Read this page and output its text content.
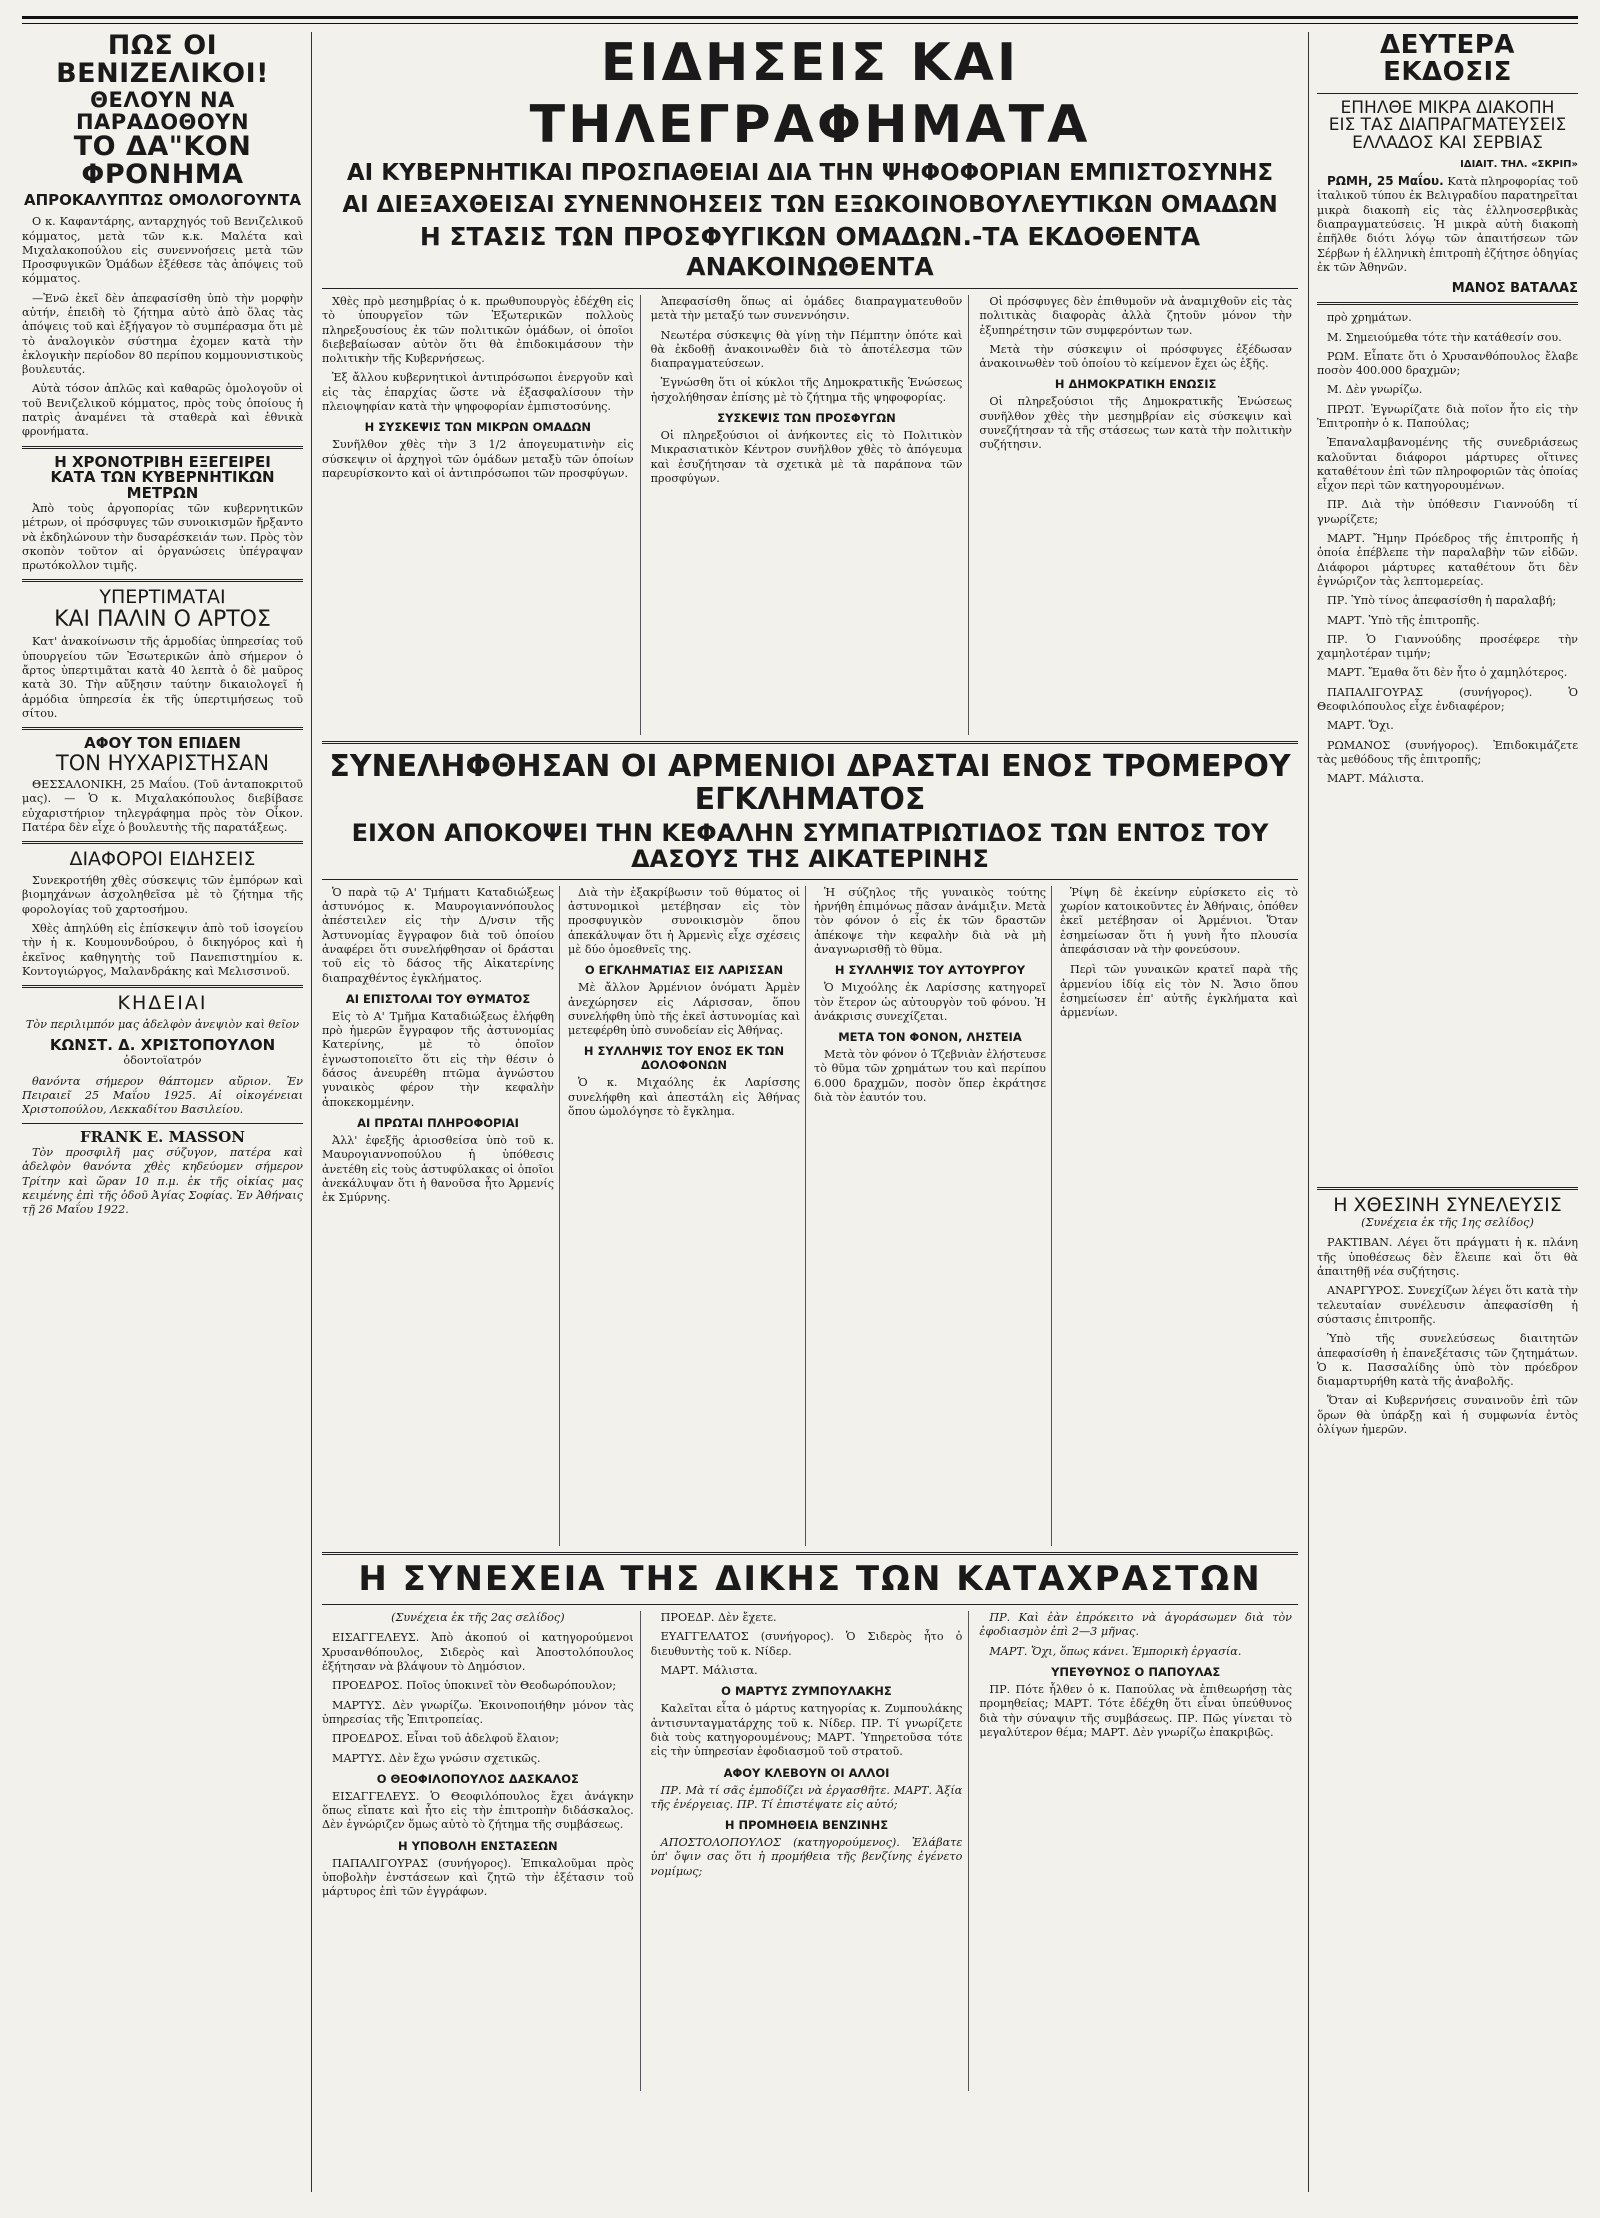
ΠΩΣ ΟΙ ΒΕΝΙΖΕΛΙΚΟΙ!
ΘΕΛΟΥΝ ΝΑ ΠΑΡΑΔΟΘΟΥΝ
ΤΟ ΔΑ"ΚΟΝ ΦΡΟΝΗΜΑ
ΑΠΡΟΚΑΛΥΠΤΩΣ ΟΜΟΛΟΓΟΥΝΤΑ

Ο κ. Καφαντάρης, ανταρχηγός τοῦ Βενιζελικοῦ κόμματος, μετὰ τῶν κ.κ. Μαλέτα καὶ Μιχαλακοπούλου εἰς συνεννοήσεις μετὰ τῶν Προσφυγικῶν Ὁμάδων ἐξέθεσε τὰς ἀπόψεις τοῦ κόμματος.

—Ἐνῶ ἐκεῖ δὲν ἀπεφασίσθη ὑπὸ τὴν μορφὴν αὐτήν, ἐπειδὴ τὸ ζήτημα αὐτὸ ἀπὸ ὅλας τὰς ἀπόψεις τοῦ καὶ ἐξήγαγον τὸ συμπέρασμα ὅτι μὲ τὸ ἀναλογικὸν σύστημα ἐχομεν κατὰ τὴν ἐκλογικὴν περίοδον 80 περίπου κομμουνιστικοὺς βουλευτάς.

Αὐτὰ τόσον ἀπλῶς καὶ καθαρῶς ὁμολογοῦν οἱ τοῦ Βενιζελικοῦ κόμματος, πρὸς τοὺς ὁποίους ἡ πατρὶς ἀναμένει τὰ σταθερὰ καὶ ἐθνικὰ φρονήματα.

Η ΧΡΟΝΟΤΡΙΒΗ ΕΞΕΓΕΙΡΕΙ
ΚΑΤΑ ΤΩΝ ΚΥΒΕΡΝΗΤΙΚΩΝ ΜΕΤΡΩΝ

Ἀπὸ τοὺς ἀργοπορίας τῶν κυβερνητικῶν μέτρων, οἱ πρόσφυγες τῶν συνοικισμῶν ἤρξαντο νὰ ἐκδηλώνουν τὴν δυσαρέσκειάν των. Πρὸς τὸν σκοπὸν τοῦτον αἱ ὀργανώσεις ὑπέγραψαν πρωτόκολλον τιμῆς.

ΥΠΕΡΤΙΜΑΤΑΙ
ΚΑΙ ΠΑΛΙΝ Ο ΑΡΤΟΣ

Κατ' ἀνακοίνωσιν τῆς ἁρμοδίας ὑπηρεσίας τοῦ ὑπουργείου τῶν Ἐσωτερικῶν ἀπὸ σήμερον ὁ ἄρτος ὑπερτιμᾶται κατὰ 40 λεπτὰ ὁ δὲ μαῦρος κατὰ 30. Τὴν αὔξησιν ταύτην δικαιολογεῖ ἡ ἁρμόδια ὑπηρεσία ἐκ τῆς ὑπερτιμήσεως τοῦ σίτου.

ΑΦΟΥ ΤΟΝ ΕΠΙΔΕΝ
ΤΟΝ ΗΥΧΑΡΙΣΤΗΣΑΝ

ΘΕΣΣΑΛΟΝΙΚΗ, 25 Μαΐου. (Τοῦ ἀνταποκριτοῦ μας). — Ὁ κ. Μιχαλακόπουλος διεβίβασε εὐχαριστήριον τηλεγράφημα πρὸς τὸν Οἶκον. Πατέρα δὲν εἶχε ὁ βουλευτὴς τῆς παρατάξεως.

ΔΙΑΦΟΡΟΙ ΕΙΔΗΣΕΙΣ

Συνεκροτήθη χθὲς σύσκεψις τῶν ἐμπόρων καὶ βιομηχάνων ἀσχοληθεῖσα μὲ τὸ ζήτημα τῆς φορολογίας τοῦ χαρτοσήμου.

Χθὲς ἀπηλύθη εἰς ἐπίσκεψιν ἀπὸ τοῦ ἰσογείου τὴν ἡ κ. Κουμουνδούρου, ὁ δικηγόρος καὶ ἡ ἐκεῖνος καθηγητὴς τοῦ Πανεπιστημίου κ. Κοντογιώργος, Μαλανδράκης καὶ Μελισσινοῦ.

ΚΗΔΕΙΑΙ
Τὸν περιλιμπόν μας ἀδελφὸν ἀνεψιὸν καὶ θεῖον
ΚΩΝΣΤ. Δ. ΧΡΙΣΤΟΠΟΥΛΟΝ
ὀδοντοϊατρόν

θανόντα σήμερον θάπτομεν αὔριον. Ἐν Πειραιεῖ 25 Μαΐου 1925. Αἱ οἰκογένειαι Χριστοπούλου, Λεκκαδίτου Βασιλείου.

FRANK E. MASSON

Τὸν προσφιλῆ μας σύζυγον, πατέρα καὶ ἀδελφὸν θανόντα χθὲς κηδεύομεν σήμερον Τρίτην καὶ ὥραν 10 π.μ. ἐκ τῆς οἰκίας μας κειμένης ἐπὶ τῆς ὁδοῦ Ἀγίας Σοφίας. Ἐν Ἀθήναις τῇ 26 Μαΐου 1922.

ΕΙΔΗΣΕΙΣ ΚΑΙ ΤΗΛΕΓΡΑΦΗΜΑΤΑ
ΑΙ ΚΥΒΕΡΝΗΤΙΚΑΙ ΠΡΟΣΠΑΘΕΙΑΙ ΔΙΑ ΤΗΝ ΨΗΦΟΦΟΡΙΑΝ ΕΜΠΙΣΤΟΣΥΝΗΣ
ΑΙ ΔΙΕΞΑΧΘΕΙΣΑΙ ΣΥΝΕΝΝΟΗΣΕΙΣ ΤΩΝ ΕΞΩΚΟΙΝΟΒΟΥΛΕΥΤΙΚΩΝ ΟΜΑΔΩΝ
Η ΣΤΑΣΙΣ ΤΩΝ ΠΡΟΣΦΥΓΙΚΩΝ ΟΜΑΔΩΝ.-ΤΑ ΕΚΔΟΘΕΝΤΑ ΑΝΑΚΟΙΝΩΘΕΝΤΑ

Χθὲς πρὸ μεσημβρίας ὁ κ. πρωθυπουργὸς ἐδέχθη εἰς τὸ ὑπουργεῖον τῶν Ἐξωτερικῶν πολλοὺς πληρεξουσίους ἐκ τῶν πολιτικῶν ὁμάδων, οἱ ὁποῖοι διεβεβαίωσαν αὐτὸν ὅτι θὰ ἐπιδοκιμάσουν τὴν πολιτικὴν τῆς Κυβερνήσεως.

Ἐξ ἄλλου κυβερνητικοὶ ἀντιπρόσωποι ἐνεργοῦν καὶ εἰς τὰς ἐπαρχίας ὥστε νὰ ἐξασφαλίσουν τὴν πλειοψηφίαν κατὰ τὴν ψηφοφορίαν ἐμπιστοσύνης.

Η ΣΥΣΚΕΨΙΣ ΤΩΝ ΜΙΚΡΩΝ ΟΜΑΔΩΝ

Συνῆλθον χθὲς τὴν 3 1/2 ἀπογευματινὴν εἰς σύσκεψιν οἱ ἀρχηγοὶ τῶν ὁμάδων μεταξὺ τῶν ὁποίων παρευρίσκοντο καὶ οἱ ἀντιπρόσωποι τῶν προσφύγων.

Ἀπεφασίσθη ὅπως αἱ ὁμάδες διαπραγματευθοῦν μετὰ τὴν μεταξύ των συνεννόησιν.

Νεωτέρα σύσκεψις θὰ γίνῃ τὴν Πέμπτην ὁπότε καὶ θὰ ἐκδοθῇ ἀνακοινωθὲν διὰ τὸ ἀποτέλεσμα τῶν διαπραγματεύσεων.

Ἐγνώσθη ὅτι οἱ κύκλοι τῆς Δημοκρατικῆς Ἑνώσεως ἠσχολήθησαν ἐπίσης μὲ τὸ ζήτημα τῆς ψηφοφορίας.

ΣΥΣΚΕΨΙΣ ΤΩΝ ΠΡΟΣΦΥΓΩΝ

Οἱ πληρεξούσιοι οἱ ἀνήκοντες εἰς τὸ Πολιτικὸν Μικρασιατικὸν Κέντρον συνῆλθον χθὲς τὸ ἀπόγευμα καὶ ἐσυζήτησαν τὰ σχετικὰ μὲ τὰ παράπονα τῶν προσφύγων.

Οἱ πρόσφυγες δὲν ἐπιθυμοῦν νὰ ἀναμιχθοῦν εἰς τὰς πολιτικὰς διαφορὰς ἀλλὰ ζητοῦν μόνον τὴν ἐξυπηρέτησιν τῶν συμφερόντων των.

Μετὰ τὴν σύσκεψιν οἱ πρόσφυγες ἐξέδωσαν ἀνακοινωθὲν τοῦ ὁποίου τὸ κείμενον ἔχει ὡς ἑξῆς.

Η ΔΗΜΟΚΡΑΤΙΚΗ ΕΝΩΣΙΣ

Οἱ πληρεξούσιοι τῆς Δημοκρατικῆς Ἑνώσεως συνῆλθον χθὲς τὴν μεσημβρίαν εἰς σύσκεψιν καὶ συνεζήτησαν τὰ τῆς στάσεως των κατὰ τὴν πολιτικὴν συζήτησιν.

ΣΥΝΕΛΗΦΘΗΣΑΝ ΟΙ ΑΡΜΕΝΙΟΙ ΔΡΑΣΤΑΙ ΕΝΟΣ ΤΡΟΜΕΡΟΥ ΕΓΚΛΗΜΑΤΟΣ
ΕΙΧΟΝ ΑΠΟΚΟΨΕΙ ΤΗΝ ΚΕΦΑΛΗΝ ΣΥΜΠΑΤΡΙΩΤΙΔΟΣ ΤΩΝ ΕΝΤΟΣ ΤΟΥ ΔΑΣΟΥΣ ΤΗΣ ΑΙΚΑΤΕΡΙΝΗΣ

Ὁ παρὰ τῷ Α' Τμήματι Καταδιώξεως ἀστυνόμος κ. Μαυρογιαννόπουλος ἀπέστειλεν εἰς τὴν Δ/νσιν τῆς Ἀστυνομίας ἔγγραφον διὰ τοῦ ὁποίου ἀναφέρει ὅτι συνελήφθησαν οἱ δράσται τοῦ εἰς τὸ δάσος τῆς Αἰκατερίνης διαπραχθέντος ἐγκλήματος.

ΑΙ ΕΠΙΣΤΟΛΑΙ ΤΟΥ ΘΥΜΑΤΟΣ

Εἰς τὸ Α' Τμῆμα Καταδιώξεως ἐλήφθη πρὸ ἡμερῶν ἔγγραφον τῆς ἀστυνομίας Κατερίνης, μὲ τὸ ὁποῖον ἐγνωστοποιεῖτο ὅτι εἰς τὴν θέσιν ὁ δάσος ἀνευρέθη πτῶμα ἀγνώστου γυναικὸς φέρον τὴν κεφαλὴν ἀποκεκομμένην.

ΑΙ ΠΡΩΤΑΙ ΠΛΗΡΟΦΟΡΙΑΙ

Ἀλλ' ἐφεξῆς ἀριοσθείσα ὑπὸ τοῦ κ. Μαυρογιαννοπούλου ἡ ὑπόθεσις ἀνετέθη εἰς τοὺς ἀστυφύλακας οἱ ὁποῖοι ἀνεκάλυψαν ὅτι ἡ θανοῦσα ἦτο Ἀρμενίς ἐκ Σμύρνης.

Διὰ τὴν ἐξακρίβωσιν τοῦ θύματος οἱ ἀστυνομικοὶ μετέβησαν εἰς τὸν προσφυγικὸν συνοικισμὸν ὅπου ἀπεκάλυψαν ὅτι ἡ Ἀρμενὶς εἶχε σχέσεις μὲ δύο ὁμοεθνεῖς της.

Ο ΕΓΚΛΗΜΑΤΙΑΣ ΕΙΣ ΛΑΡΙΣΣΑΝ

Μὲ ἄλλον Ἀρμένιον ὀνόματι Ἀρμὲν ἀνεχώρησεν εἰς Λάρισσαν, ὅπου συνελήφθη ὑπὸ τῆς ἐκεῖ ἀστυνομίας καὶ μετεφέρθη ὑπὸ συνοδείαν εἰς Ἀθήνας.

Η ΣΥΛΛΗΨΙΣ ΤΟΥ ΕΝΟΣ ΕΚ ΤΩΝ ΔΟΛΟΦΟΝΩΝ

Ὁ κ. Μιχαόλης ἐκ Λαρίσσης συνελήφθη καὶ ἀπεστάλη εἰς Ἀθήνας ὅπου ὡμολόγησε τὸ ἔγκλημα.

Ἡ σύζηλος τῆς γυναικὸς τούτης ἠρνήθη ἐπιμόνως πᾶσαν ἀνάμιξιν. Μετὰ τὸν φόνον ὁ εἷς ἐκ τῶν δραστῶν ἀπέκοψε τὴν κεφαλὴν διὰ νὰ μὴ ἀναγνωρισθῇ τὸ θῦμα.

Η ΣΥΛΛΗΨΙΣ ΤΟΥ ΑΥΤΟΥΡΓΟΥ

Ὁ Μιχοόλης ἐκ Λαρίσσης κατηγορεῖ τὸν ἕτερον ὡς αὐτουργὸν τοῦ φόνου. Ἡ ἀνάκρισις συνεχίζεται.

ΜΕΤΑ ΤΟΝ ΦΟΝΟΝ, ΛΗΣΤΕΙΑ

Μετὰ τὸν φόνον ὁ Τζεβνιὰν ἐλήστευσε τὸ θῦμα τῶν χρημάτων του καὶ περίπου 6.000 δραχμῶν, ποσὸν ὅπερ ἐκράτησε διὰ τὸν ἑαυτόν του.

Ῥίψη δὲ ἐκείνην εὑρίσκετο εἰς τὸ χωρίον κατοικοῦντες ἐν Ἀθήναις, ὁπόθεν ἐκεῖ μετέβησαν οἱ Ἀρμένιοι. Ὅταν ἐσημείωσαν ὅτι ἡ γυνὴ ἦτο πλουσία ἀπεφάσισαν νὰ τὴν φονεύσουν.

Περὶ τῶν γυναικῶν κρατεῖ παρὰ τῆς ἀρμενίου ἰδίᾳ εἰς τὸν Ν. Ἄσιο ὅπου ἐσημείωσεν ἐπ' αὐτῆς ἐγκλήματα καὶ ἀρμενίων.

Η ΣΥΝΕΧΕΙΑ ΤΗΣ ΔΙΚΗΣ ΤΩΝ ΚΑΤΑΧΡΑΣΤΩΝ
(Συνέχεια ἐκ τῆς 2ας σελίδος)

ΕΙΣΑΓΓΕΛΕΥΣ. Ἀπὸ ἀκοπού οἱ κατηγορούμενοι Χρυσανθόπουλος, Σιδερὸς καὶ Ἀποστολόπουλος ἐξήτησαν νὰ βλάψουν τὸ Δημόσιον.

ΠΡΟΕΔΡΟΣ. Ποῖος ὑποκινεῖ τὸν Θεοδωρόπουλον;

ΜΑΡΤΥΣ. Δὲν γνωρίζω. Ἐκοινοποιήθην μόνον τὰς ὑπηρεσίας τῆς Ἐπιτροπείας.

ΠΡΟΕΔΡΟΣ. Εἶναι τοῦ ἀδελφοῦ ἔλαιον;

ΜΑΡΤΥΣ. Δὲν ἔχω γνώσιν σχετικῶς.

Ο ΘΕΟΦΙΛΟΠΟΥΛΟΣ ΔΑΣΚΑΛΟΣ

ΕΙΣΑΓΓΕΛΕΥΣ. Ὁ Θεοφιλόπουλος ἔχει ἀνάγκην ὅπως εἴπατε καὶ ἦτο εἰς τὴν ἐπιτροπὴν διδάσκαλος. Δὲν ἐγνώριζεν ὅμως αὐτὸ τὸ ζήτημα τῆς συμβάσεως.

Η ΥΠΟΒΟΛΗ ΕΝΣΤΑΣΕΩΝ

ΠΑΠΑΛΙΓΟΥΡΑΣ (συνήγορος). Ἐπικαλοῦμαι πρὸς ὑποβολὴν ἐνστάσεων καὶ ζητῶ τὴν ἐξέτασιν τοῦ μάρτυρος ἐπὶ τῶν ἐγγράφων.

ΠΡΟΕΔΡ. Δὲν ἔχετε.

ΕΥΑΓΓΕΛΑΤΟΣ (συνήγορος). Ὁ Σιδερὸς ἦτο ὁ διευθυντὴς τοῦ κ. Νίδερ.

ΜΑΡΤ. Μάλιστα.

Ο ΜΑΡΤΥΣ ΖΥΜΠΟΥΛΑΚΗΣ

Καλεῖται εἶτα ὁ μάρτυς κατηγορίας κ. Ζυμπουλάκης ἀντισυνταγματάρχης τοῦ κ. Νίδερ. ΠΡ. Τί γνωρίζετε διὰ τοὺς κατηγορουμένους; ΜΑΡΤ. Ὑπηρετοῦσα τότε εἰς τὴν ὑπηρεσίαν ἐφοδιασμοῦ τοῦ στρατοῦ.

ΑΦΟΥ ΚΛΕΒΟΥΝ ΟΙ ΑΛΛΟΙ

ΠΡ. Μὰ τί σᾶς ἐμποδίζει νὰ ἐργασθῆτε. ΜΑΡΤ. Ἀξία τῆς ἐνέργειας. ΠΡ. Τί ἐπιστέψατε εἰς αὐτό;

Η ΠΡΟΜΗΘΕΙΑ ΒΕΝΖΙΝΗΣ

ΑΠΟΣΤΟΛΟΠΟΥΛΟΣ (κατηγορούμενος). Ἐλάβατε ὑπ' ὄψιν σας ὅτι ἡ προμήθεια τῆς βενζίνης ἐγένετο νομίμως;

ΠΡ. Καὶ ἐὰν ἐπρόκειτο νὰ ἀγοράσωμεν διὰ τὸν ἐφοδιασμὸν ἐπὶ 2—3 μῆνας.

ΜΑΡΤ. Ὄχι, ὅπως κάνει. Ἐμπορικὴ ἐργασία.

ΥΠΕΥΘΥΝΟΣ Ο ΠΑΠΟΥΛΑΣ

ΠΡ. Πότε ἦλθεν ὁ κ. Παπούλας νὰ ἐπιθεωρήσῃ τὰς προμηθείας; ΜΑΡΤ. Τότε ἐδέχθη ὅτι εἶναι ὑπεύθυνος διὰ τὴν σύναψιν τῆς συμβάσεως. ΠΡ. Πῶς γίνεται τὸ μεγαλύτερον θέμα; ΜΑΡΤ. Δὲν γνωρίζω ἐπακριβῶς.

ΔΕΥΤΕΡΑ ΕΚΔΟΣΙΣ
ΕΠΗΛΘΕ ΜΙΚΡΑ ΔΙΑΚΟΠΗ
ΕΙΣ ΤΑΣ ΔΙΑΠΡΑΓΜΑΤΕΥΣΕΙΣ
ΕΛΛΑΔΟΣ ΚΑΙ ΣΕΡΒΙΑΣ
ΙΔΙΑΙΤ. ΤΗΛ. «ΣΚΡΙΠ»

ΡΩΜΗ, 25 Μαΐου. Κατὰ πληροφορίας τοῦ ἰταλικοῦ τύπου ἐκ Βελιγραδίου παρατηρεῖται μικρὰ διακοπὴ εἰς τὰς ἑλληνοσερβικὰς διαπραγματεύσεις. Ἡ μικρὰ αὐτὴ διακοπὴ ἐπῆλθε διότι λόγῳ τῶν ἀπαιτήσεων τῶν Σέρβων ἡ ἑλληνικὴ ἐπιτροπὴ ἐζήτησε ὁδηγίας ἐκ τῶν Ἀθηνῶν.

ΜΑΝΟΣ ΒΑΤΑΛΑΣ

πρὸ χρημάτων.

Μ. Σημειούμεθα τότε τὴν κατάθεσίν σου.

ΡΩΜ. Εἶπατε ὅτι ὁ Χρυσανθόπουλος ἔλαβε ποσὸν 400.000 δραχμῶν;

Μ. Δὲν γνωρίζω.

ΠΡΩΤ. Ἐγνωρίζατε διὰ ποῖον ἦτο εἰς τὴν Ἐπιτροπὴν ὁ κ. Παπούλας;

Ἐπαναλαμβανομένης τῆς συνεδριάσεως καλοῦνται διάφοροι μάρτυρες οἵτινες καταθέτουν ἐπὶ τῶν πληροφοριῶν τὰς ὁποίας εἶχον περὶ τῶν κατηγορουμένων.

ΠΡ. Διὰ τὴν ὑπόθεσιν Γιαννούδη τί γνωρίζετε;

ΜΑΡΤ. Ἤμην Πρόεδρος τῆς ἐπιτροπῆς ἡ ὁποία ἐπέβλεπε τὴν παραλαβὴν τῶν εἰδῶν. Διάφοροι μάρτυρες καταθέτουν ὅτι δὲν ἐγνώριζον τὰς λεπτομερείας.

ΠΡ. Ὑπὸ τίνος ἀπεφασίσθη ἡ παραλαβή;

ΜΑΡΤ. Ὑπὸ τῆς ἐπιτροπῆς.

ΠΡ. Ὁ Γιαννούδης προσέφερε τὴν χαμηλοτέραν τιμήν;

ΜΑΡΤ. Ἔμαθα ὅτι δὲν ἦτο ὁ χαμηλότερος.

ΠΑΠΑΛΙΓΟΥΡΑΣ (συνήγορος). Ὁ Θεοφιλόπουλος εἶχε ἐνδιαφέρον;

ΜΑΡΤ. Ὄχι.

ΡΩΜΑΝΟΣ (συνήγορος). Ἐπιδοκιμάζετε τὰς μεθόδους τῆς ἐπιτροπῆς;

ΜΑΡΤ. Μάλιστα.

Η ΧΘΕΣΙΝΗ ΣΥΝΕΛΕΥΣΙΣ
(Συνέχεια ἐκ τῆς 1ης σελίδος)

ΡΑΚΤΙΒΑΝ. Λέγει ὅτι πράγματι ἡ κ. πλάνη τῆς ὑποθέσεως δὲν ἔλειπε καὶ ὅτι θὰ ἀπαιτηθῇ νέα συζήτησις.

ΑΝΑΡΓΥΡΟΣ. Συνεχίζων λέγει ὅτι κατὰ τὴν τελευταίαν συνέλευσιν ἀπεφασίσθη ἡ σύστασις ἐπιτροπῆς.

Ὑπὸ τῆς συνελεύσεως διαιτητῶν ἀπεφασίσθη ἡ ἐπανεξέτασις τῶν ζητημάτων. Ὁ κ. Πασσαλίδης ὑπὸ τὸν πρόεδρον διαμαρτυρήθη κατὰ τῆς ἀναβολῆς.

Ὅταν αἱ Κυβερνήσεις συναινοῦν ἐπὶ τῶν ὅρων θὰ ὑπάρξῃ καὶ ἡ συμφωνία ἐντὸς ὀλίγων ἡμερῶν.
